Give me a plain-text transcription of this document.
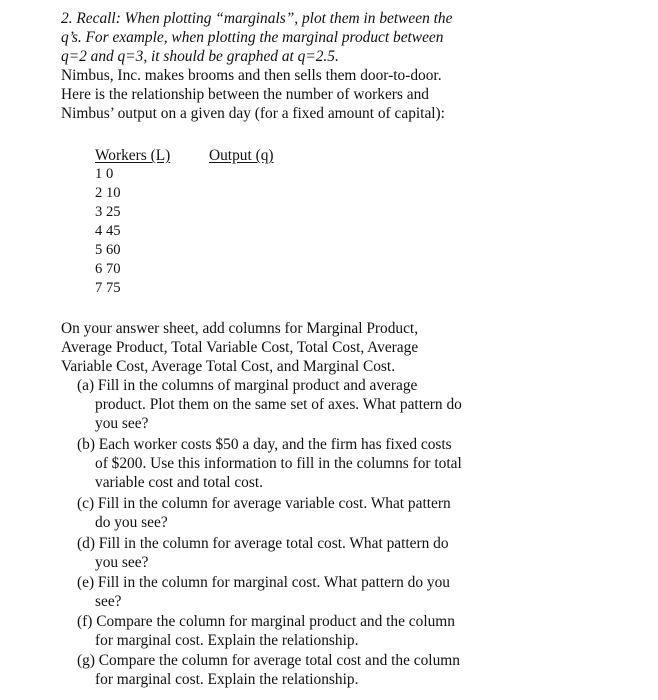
2. Recall: When plotting “marginals”, plot them in between the
q’s. For example, when plotting the marginal product between
q=2 and q=3, it should be graphed at q=2.5.
Nimbus, Inc. makes brooms and then sells them door-to-door.
Here is the relationship between the number of workers and
Nimbus’ output on a given day (for a fixed amount of capital):
Workers (L)	Output (q)
1 0
2 10
3 25
4 45
5 60
6 70
7 75
On your answer sheet, add columns for Marginal Product,
Average Product, Total Variable Cost, Total Cost, Average
Variable Cost, Average Total Cost, and Marginal Cost.
(a) Fill in the columns of marginal product and average
product. Plot them on the same set of axes. What pattern do
you see?
(b) Each worker costs $50 a day, and the firm has fixed costs
of $200. Use this information to fill in the columns for total
variable cost and total cost.
(c) Fill in the column for average variable cost. What pattern
do you see?
(d) Fill in the column for average total cost. What pattern do
you see?
(e) Fill in the column for marginal cost. What pattern do you
see?
(f) Compare the column for marginal product and the column
for marginal cost. Explain the relationship.
(g) Compare the column for average total cost and the column
for marginal cost. Explain the relationship.
